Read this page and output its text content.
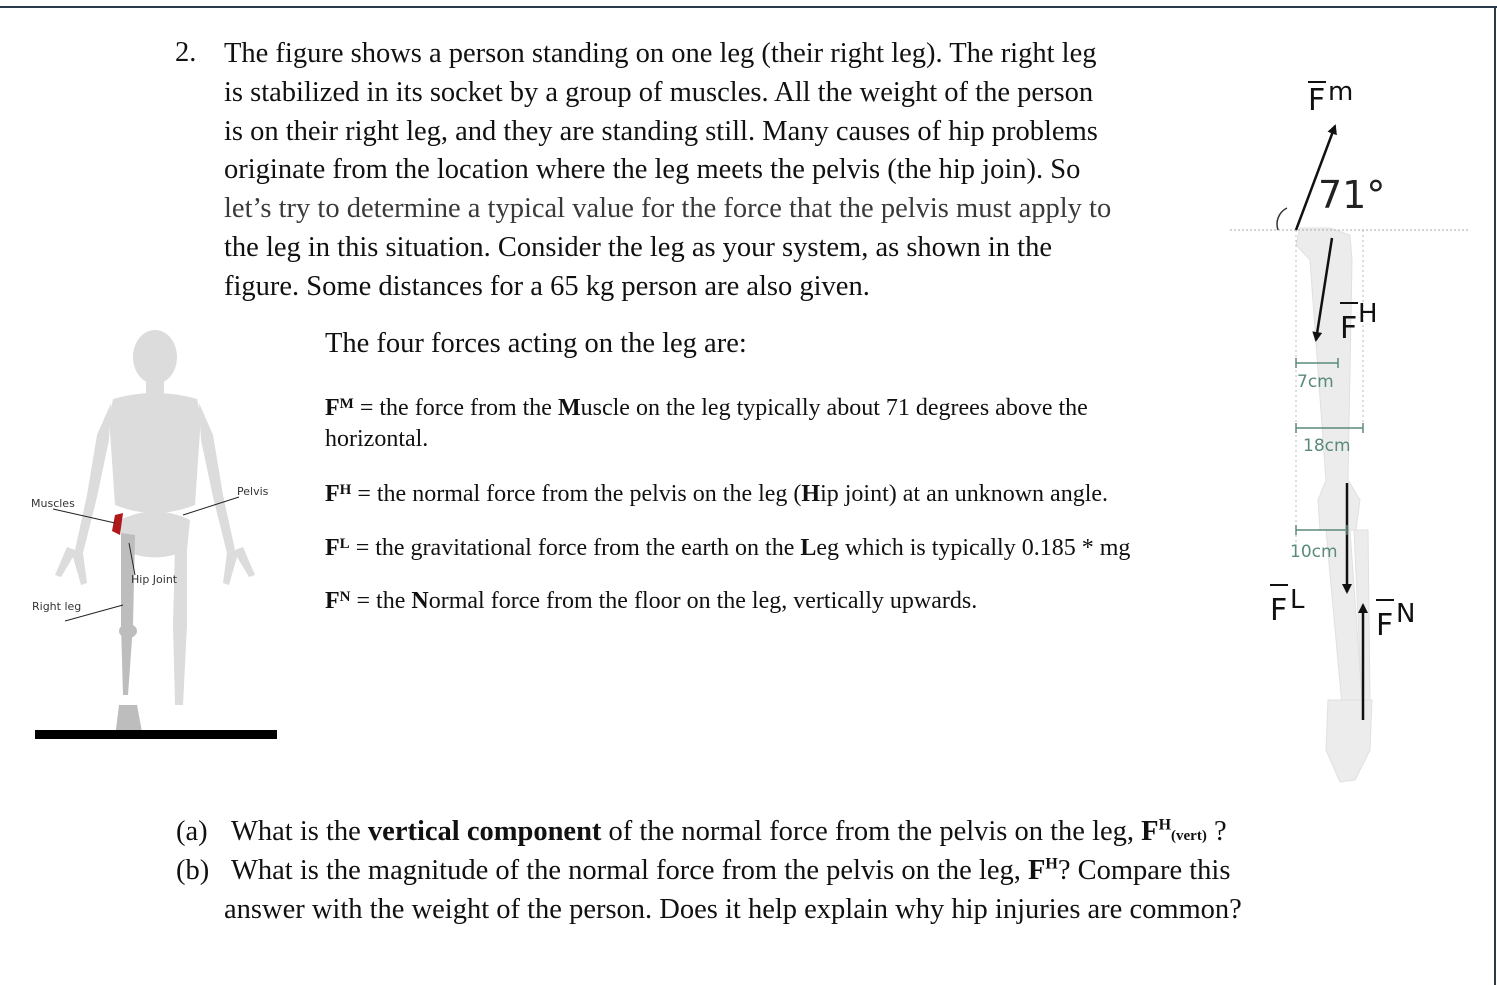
2. The figure shows a person standing on one leg (their right leg). The right leg
is stabilized in its socket by a group of muscles. All the weight of the person
is on their right leg, and they are standing still. Many causes of hip problems
originate from the location where the leg meets the pelvis (the hip join). So
let’s try to determine a typical value for the force that the pelvis must apply to
the leg in this situation. Consider the leg as your system, as shown in the
figure. Some distances for a 65 kg person are also given.
The four forces acting on the leg are:
$F^M$ = the force from the Muscle on the leg typically about 71 degrees above the
horizontal.
$F^H$ = the normal force from the pelvis on the leg (Hip joint) at an unknown angle.
$F^L$ = the gravitational force from the earth on the Leg which is typically 0.185 * mg
$F^N$ = the Normal force from the floor on the leg, vertically upwards.
(a) What is the vertical component of the normal force from the pelvis on the leg, $F^H(vert)$ ?
(b) What is the magnitude of the normal force from the pelvis on the leg, $F^H$? Compare this
answer with the weight of the person. Does it help explain why hip injuries are common?
Muscles
Pelvis
Hip Joint
Right leg
71°
F m
F H
F L
F N
7cm
18cm
10cm
